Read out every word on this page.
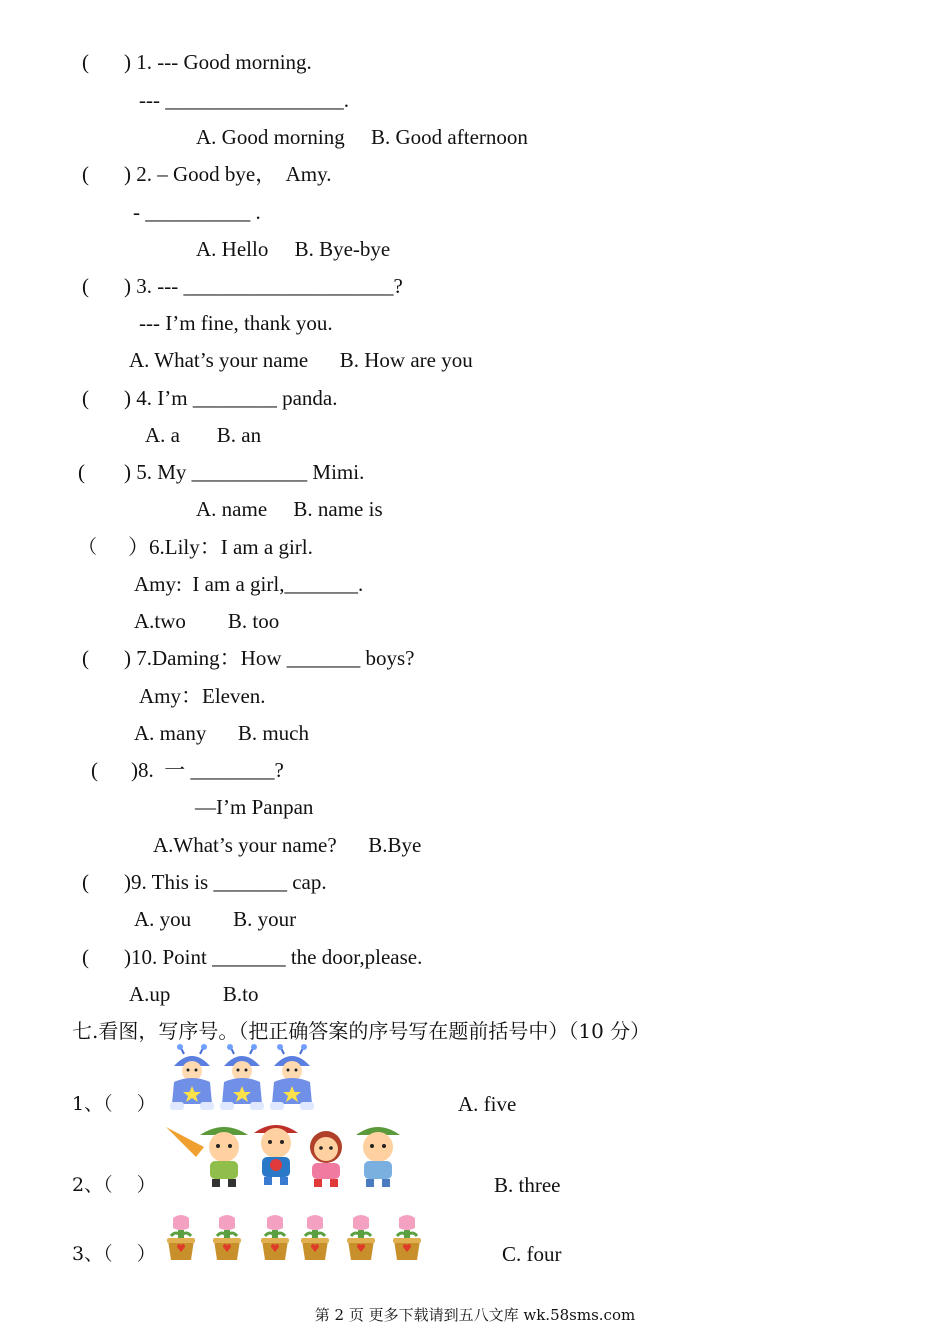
( ) 1. --- Good morning.
--- _________________.
A. Good morning     B. Good afternoon
( ) 2. – Good bye，  Amy.
- __________ .
A. Hello     B. Bye-bye
( ) 3. --- ____________________?
--- I’m fine, thank you.
A. What’s your name      B. How are you
( ) 4. I’m ________ panda.
A. a       B. an
( ) 5. My ___________ Mimi.
A. name     B. name is
（ ）6.Lily：I am a girl.
Amy:  I am a girl,_______.
A.two        B. too
( ) 7.Daming：How _______ boys?
Amy：Eleven.
A. many      B. much
( )8.  一 ________?
—I’m Panpan
A.What’s your name?      B.Bye
( )9. This is _______ cap.
A. you        B. your
( )10. Point _______ the door,please.
A.up          B.to
七.看图，写序号。（把正确答案的序号写在题前括号中）（10 分）
1、（    ）	A. five
2、（    ）	B. three
3、（    ）	C. four
第 2 页 更多下载请到五八文库 wk.58sms.com
